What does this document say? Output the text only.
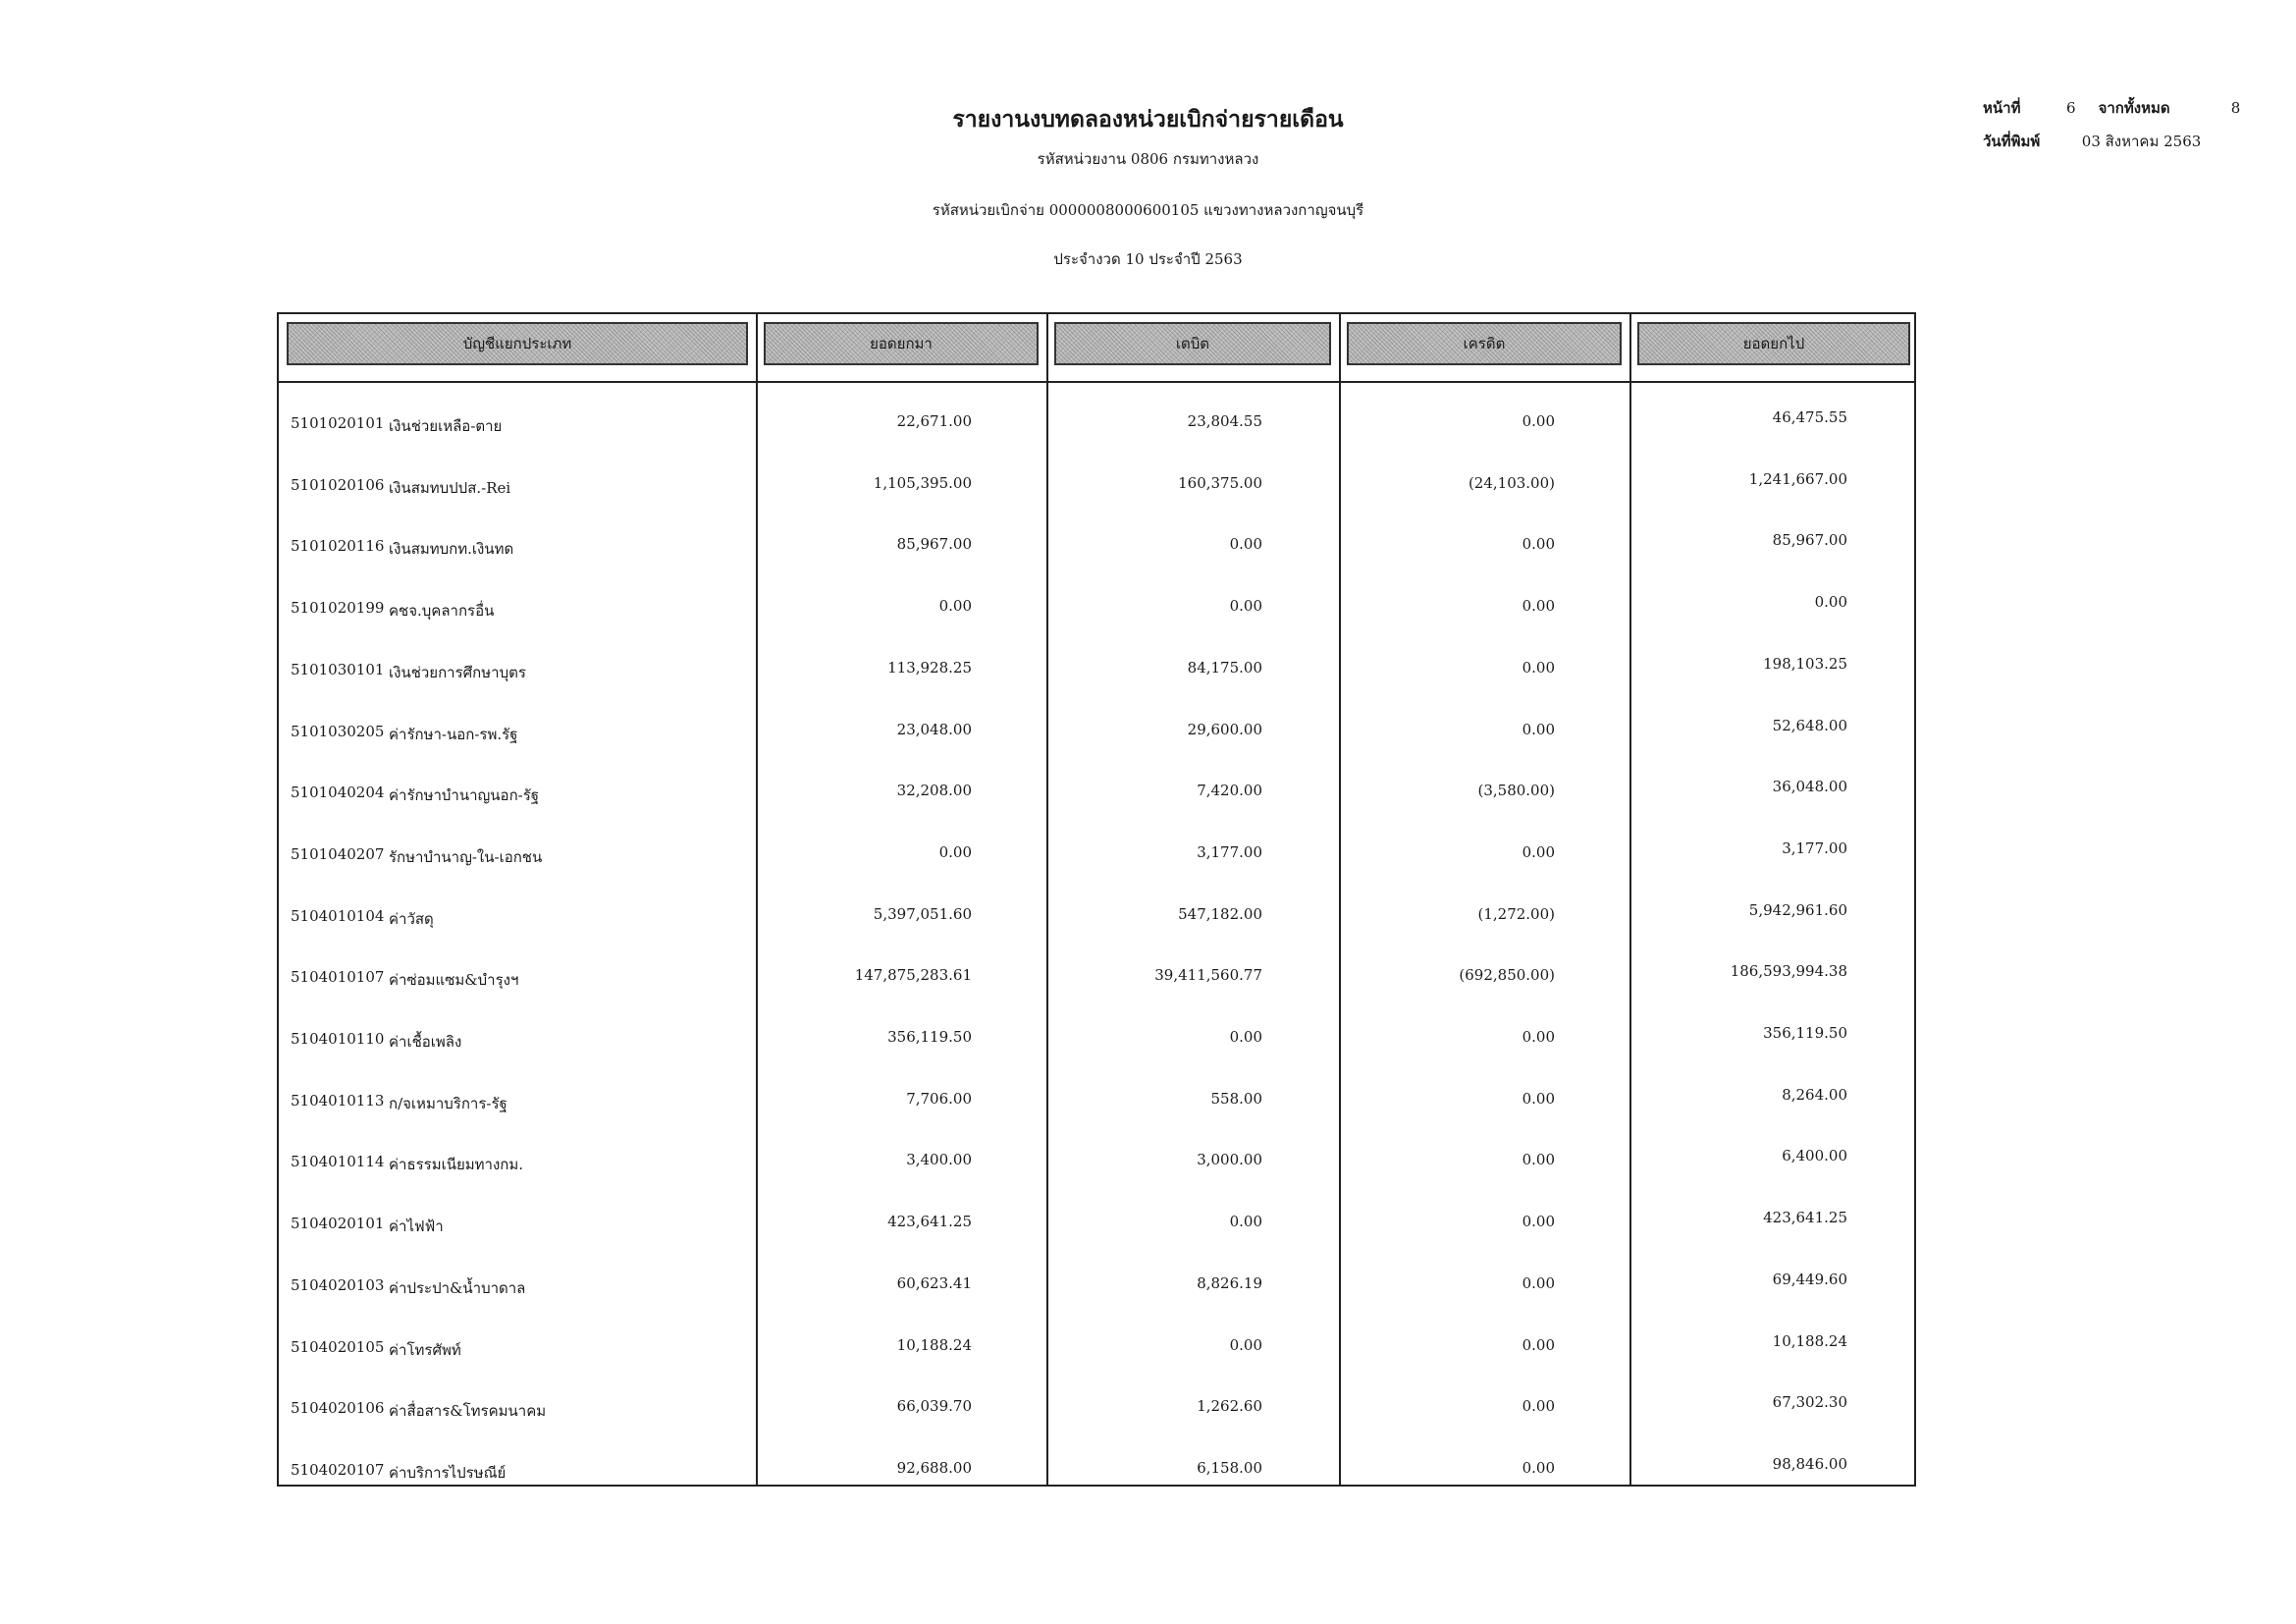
รายงานงบทดลองหน่วยเบิกจ่ายรายเดือน
รหัสหน่วยงาน 0806 กรมทางหลวง
รหัสหน่วยเบิกจ่าย 0000008000600105 แขวงทางหลวงกาญจนบุรี
ประจำงวด 10 ประจำปี 2563
หน้าที่	6 จากทั้งหมด	8
วันที่พิมพ์	03 สิงหาคม 2563
บัญชีแยกประเภท	ยอดยกมา	เดบิต	เครดิต	ยอดยกไป
5101020101 เงินช่วยเหลือ-ตาย	22,671.00	23,804.55	0.00	46,475.55
5101020106 เงินสมทบปปส.-Rei	1,105,395.00	160,375.00	(24,103.00)	1,241,667.00
5101020116 เงินสมทบกท.เงินทด	85,967.00	0.00	0.00	85,967.00
5101020199 คชจ.บุคลากรอื่น	0.00	0.00	0.00	0.00
5101030101 เงินช่วยการศึกษาบุตร	113,928.25	84,175.00	0.00	198,103.25
5101030205 ค่ารักษา-นอก-รพ.รัฐ	23,048.00	29,600.00	0.00	52,648.00
5101040204 ค่ารักษาบำนาญนอก-รัฐ	32,208.00	7,420.00	(3,580.00)	36,048.00
5101040207 รักษาบำนาญ-ใน-เอกชน	0.00	3,177.00	0.00	3,177.00
5104010104 ค่าวัสดุ	5,397,051.60	547,182.00	(1,272.00)	5,942,961.60
5104010107 ค่าซ่อมแซม&บำรุงฯ	147,875,283.61	39,411,560.77	(692,850.00)	186,593,994.38
5104010110 ค่าเชื้อเพลิง	356,119.50	0.00	0.00	356,119.50
5104010113 ก/จเหมาบริการ-รัฐ	7,706.00	558.00	0.00	8,264.00
5104010114 ค่าธรรมเนียมทางกม.	3,400.00	3,000.00	0.00	6,400.00
5104020101 ค่าไฟฟ้า	423,641.25	0.00	0.00	423,641.25
5104020103 ค่าประปา&น้ำบาดาล	60,623.41	8,826.19	0.00	69,449.60
5104020105 ค่าโทรศัพท์	10,188.24	0.00	0.00	10,188.24
5104020106 ค่าสื่อสาร&โทรคมนาคม	66,039.70	1,262.60	0.00	67,302.30
5104020107 ค่าบริการไปรษณีย์	92,688.00	6,158.00	0.00	98,846.00
